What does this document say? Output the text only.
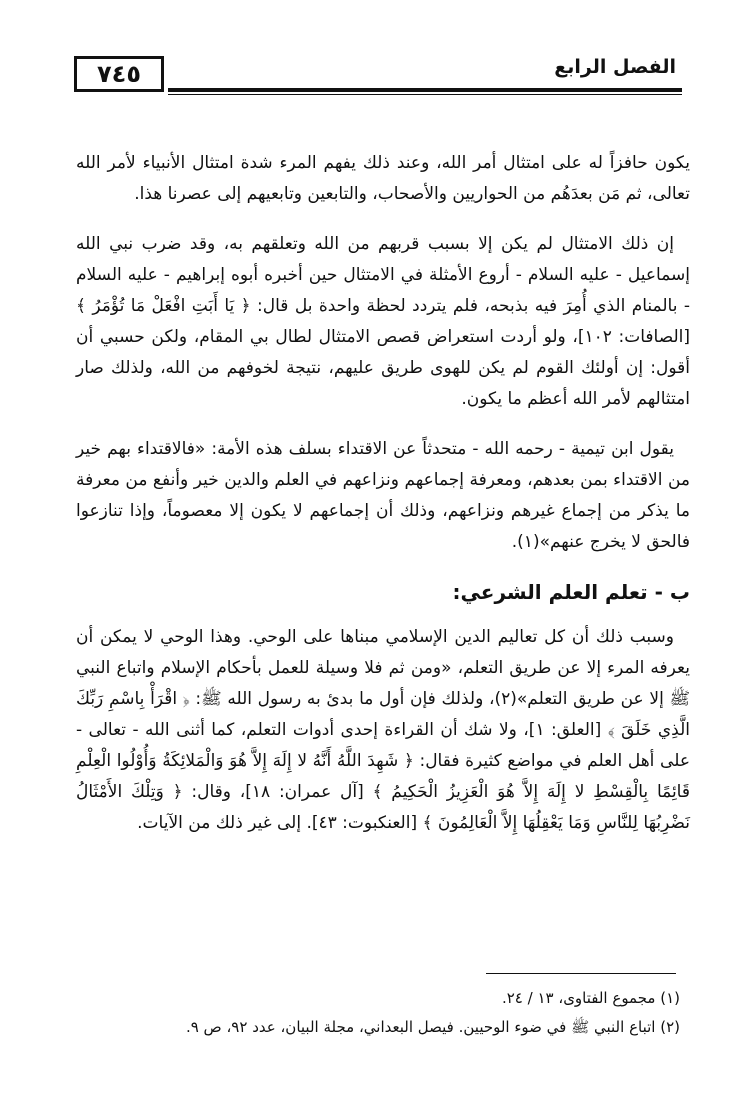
٧٤٥	الفصل الرابع

يكون حافزاً له على امتثال أمر الله، وعند ذلك يفهم المرء شدة امتثال الأنبياء لأمر الله تعالى، ثم مَن بعدَهُم من الحواريين والأصحاب، والتابعين وتابعيهم إلى عصرنا هذا.

إن ذلك الامتثال لم يكن إلا بسبب قربهم من الله وتعلقهم به، وقد ضرب نبي الله إسماعيل - عليه السلام - أروع الأمثلة في الامتثال حين أخبره أبوه إبراهيم - عليه السلام - بالمنام الذي أُمِرَ فيه بذبحه، فلم يتردد لحظة واحدة بل قال: ﴿ يَا أَبَتِ افْعَلْ مَا تُؤْمَرُ ﴾ [الصافات: ١٠٢]، ولو أردت استعراض قصص الامتثال لطال بي المقام، ولكن حسبي أن أقول: إن أولئك القوم لم يكن للهوى طريق عليهم، نتيجة لخوفهم من الله، ولذلك صار امتثالهم لأمر الله أعظم ما يكون.

يقول ابن تيمية - رحمه الله - متحدثاً عن الاقتداء بسلف هذه الأمة: «فالاقتداء بهم خير من الاقتداء بمن بعدهم، ومعرفة إجماعهم ونزاعهم في العلم والدين خير وأنفع من معرفة ما يذكر من إجماع غيرهم ونزاعهم، وذلك أن إجماعهم لا يكون إلا معصوماً، وإذا تنازعوا فالحق لا يخرج عنهم»(١).

ب - تعلم العلم الشرعي:

وسبب ذلك أن كل تعاليم الدين الإسلامي مبناها على الوحي. وهذا الوحي لا يمكن أن يعرفه المرء إلا عن طريق التعلم، «ومن ثم فلا وسيلة للعمل بأحكام الإسلام واتباع النبي ﷺ إلا عن طريق التعلم»(٢)، ولذلك فإن أول ما بدئ به رسول الله ﷺ: ﴿ اقْرَأْ بِاسْمِ رَبِّكَ الَّذِي خَلَقَ ﴾ [العلق: ١]، ولا شك أن القراءة إحدى أدوات التعلم، كما أثنى الله - تعالى - على أهل العلم في مواضع كثيرة فقال: ﴿ شَهِدَ اللَّهُ أَنَّهُ لا إِلَهَ إِلاَّ هُوَ وَالْمَلائِكَةُ وَأُوْلُوا الْعِلْمِ قَائِمًا بِالْقِسْطِ لا إِلَهَ إِلاَّ هُوَ الْعَزِيزُ الْحَكِيمُ ﴾ [آل عمران: ١٨]، وقال: ﴿ وَتِلْكَ الأَمْثَالُ نَضْرِبُهَا لِلنَّاسِ وَمَا يَعْقِلُهَا إِلاَّ الْعَالِمُونَ ﴾ [العنكبوت: ٤٣]. إلى غير ذلك من الآيات.

(١) مجموع الفتاوى، ١٣ / ٢٤.
(٢) اتباع النبي ﷺ في ضوء الوحيين. فيصل البعداني، مجلة البيان، عدد ٩٢، ص ٩.
